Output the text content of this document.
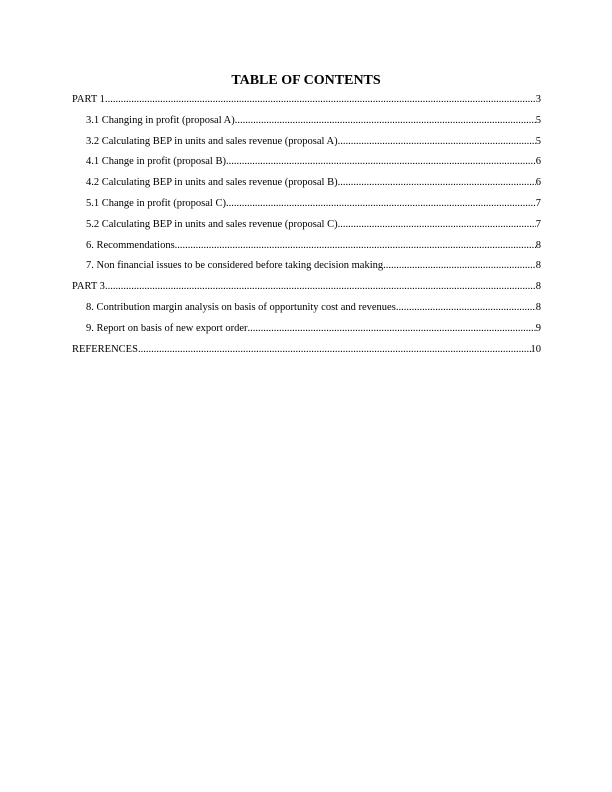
TABLE OF CONTENTS
PART 1 .....	3
3.1 Changing in profit (proposal A) .....	5
3.2 Calculating BEP in units and sales revenue (proposal A) .....	5
4.1 Change in profit (proposal B) .....	6
4.2 Calculating BEP in units and sales revenue (proposal B) .....	6
5.1 Change in profit (proposal C) .....	7
5.2 Calculating BEP in units and sales revenue (proposal C) .....	7
6. Recommendations .....	8
7. Non financial issues to be considered before taking decision making .....	8
PART 3 .....	8
8. Contribution margin analysis on basis of opportunity cost and revenues .....	8
9. Report on basis of new export order .....	9
REFERENCES .....	10
